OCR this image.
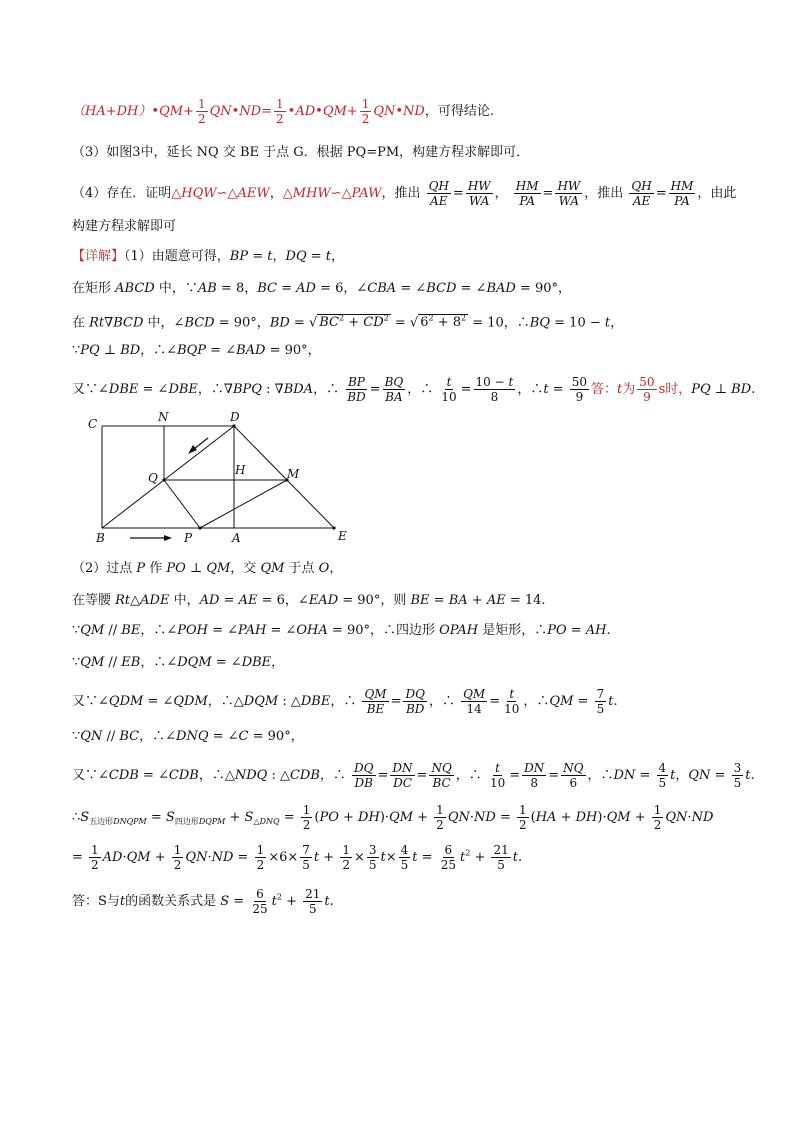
（HA+DH）•QM+ $\frac{1}{2}$ QN•ND= $\frac{1}{2}$ •AD•QM+ $\frac{1}{2}$ QN•ND，可得结论.
（3）如图3中，延长 NQ 交 BE 于点 G．根据 PQ=PM，构建方程求解即可．
（4）存在．证明△HQW∽△AEW，△MHW∽△PAW，推出 $\frac{QH}{AE} = \frac{HW}{WA}$ ， $\frac{HM}{PA} = \frac{HW}{WA}$ ，推出 $\frac{QH}{AE} = \frac{HM}{PA}$ ，由此
构建方程求解即可
【详解】（1）由题意可得，BP = t，DQ = t，
在矩形 ABCD 中，∵AB = 8，BC = AD = 6，∠CBA = ∠BCD = ∠BAD = 90°，
在 Rt∇BCD 中，∠BCD = 90°，BD = √ $BC^2 + CD^2$ = √ $6^2 + 8^2 = 10$，∴BQ = 10 − t，
∵PQ ⊥ BD，∴∠BQP = ∠BAD = 90°，
又∵∠DBE = ∠DBE，∴∇BPQ : ∇BDA，∴ $\frac{BP}{BD} = \frac{BQ}{BA}$ ，∴ $\frac{t}{10} = \frac{10 - t}{8}$ ，∴t = $\frac{50}{9}$ 答：t为 $\frac{50}{9}$ s时，PQ ⊥ BD.
C	N	D
Q
H	M
B	P	A	E
（2）过点 P 作 PO ⊥ QM，交 QM 于点 O，
在等腰 Rt△ADE 中，AD = AE = 6，∠EAD = 90°，则 BE = BA + AE = 14.
∵QM // BE，∴∠POH = ∠PAH = ∠OHA = 90°，∴四边形 OPAH 是矩形，∴PO = AH.
∵QM // EB，∴∠DQM = ∠DBE，
又∵∠QDM = ∠QDM，∴△DQM : △DBE，∴ $\frac{QM}{BE} = \frac{DQ}{BD}$ ，∴ $\frac{QM}{14} = \frac{t}{10}$ ，∴QM = $\frac{7}{5} t$.
∵QN // BC，∴∠DNQ = ∠C = 90°，
又∵∠CDB = ∠CDB，∴△NDQ : △CDB，∴ $\frac{DQ}{DB} = \frac{DN}{DC} = \frac{NQ}{BC}$ ，∴ $\frac{t}{10} = \frac{DN}{8} = \frac{NQ}{6}$ ，∴DN = $\frac{4}{5}$ t，QN = $\frac{3}{5} t$.
$\therefore S_{五边形DNQPM} = S_{四边形DQPM} + S_{\triangle DNQ} = \frac{1}{2} (PO + DH)\cdot QM + \frac{1}{2} QN\cdot ND = \frac{1}{2} (HA + DH)\cdot QM + \frac{1}{2} QN\cdot ND$
= $\frac{1}{2} AD\cdot QM + \frac{1}{2} QN\cdot ND = \frac{1}{2} \times 6\times \frac{7}{5}$ $t + \frac{1}{2} \times \frac{3}{5} t\times \frac{4}{5}$ $t = \frac{6}{25} t^2 + \frac{21}{5} t$.
答：S与t的函数关系式是 $S = \frac{6}{25} t^2 + \frac{21}{5} t$.
